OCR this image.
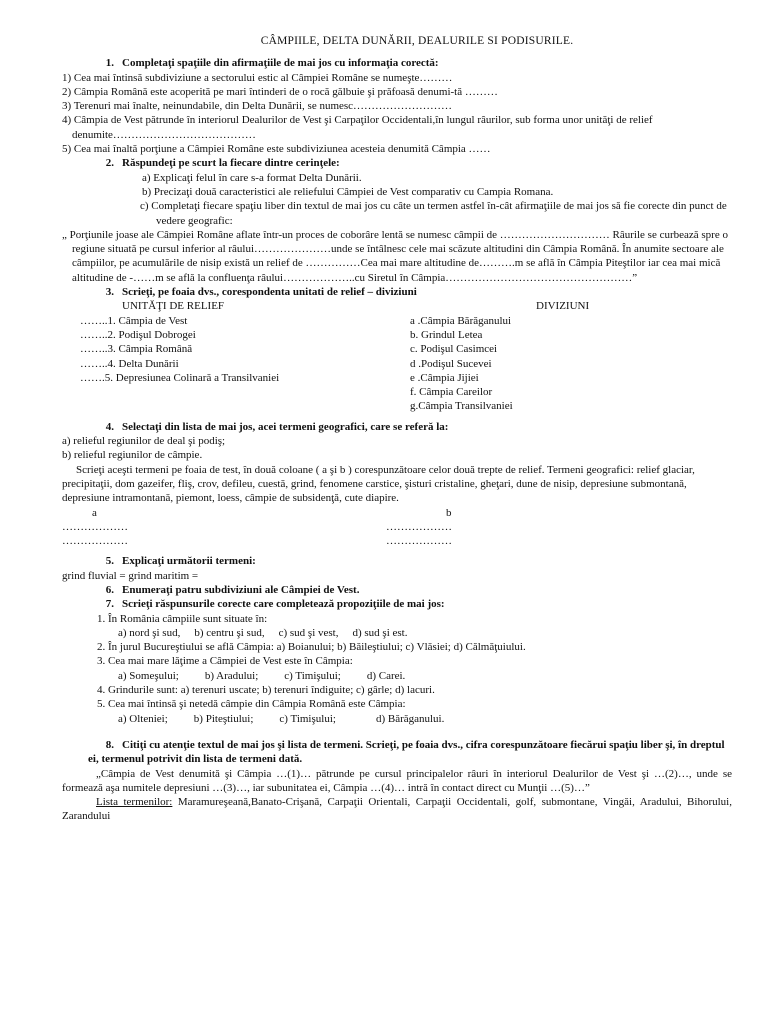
CÂMPIILE, DELTA DUNĂRII, DEALURILE SI PODISURILE.
1. Completaţi spaţiile din afirmaţiile de mai jos cu informaţia corectă:
1) Cea mai întinsă subdiviziune a sectorului estic al Câmpiei Române se numeşte………
2) Câmpia Română este acoperită pe mari întinderi de o rocă gălbuie şi prăfoasă denumi-tă ………
3) Terenuri mai înalte, neinundabile, din Delta Dunării, se numesc………………………
4) Câmpia de Vest pătrunde în interiorul Dealurilor de Vest şi Carpaţilor Occidentali,în lungul râurilor, sub forma unor unităţi de relief denumite…………………………………
5) Cea mai înaltă porţiune a Câmpiei Române este subdiviziunea acesteia denumită Câmpia ……
2. Răspundeţi pe scurt la fiecare dintre cerinţele:
a) Explicaţi felul în care s-a format Delta Dunării.
b) Precizaţi două caracteristici ale reliefului Câmpiei de Vest comparativ cu Campia Romana.
c) Completaţi fiecare spaţiu liber din textul de mai jos cu câte un termen astfel în-cât afirmaţiile de mai jos să fie corecte din punct de vedere geografic:
„ Porţiunile joase ale Câmpiei Române aflate într-un proces de coborâre lentă se numesc câmpii de ………………………… Râurile se curbează spre o regiune situată pe cursul inferior al râului…………………unde se întâlnesc cele mai scăzute altitudini din Câmpia Română. În anumite sectoare ale câmpiilor, pe acumulările de nisip există un relief de ……………Cea mai mare altitudine de……….m se află în Câmpia Piteştilor iar cea mai mică altitudine de -……m se află la confluenţa râului………………..cu Siretul în Câmpia……………………………………………”
3. Scrieţi, pe foaia dvs., corespondenta unitati de relief – diviziuni
UNITĂŢI DE RELIEF	DIVIZIUNI
……..1. Câmpia de Vest	a .Câmpia Bărăganului
……..2. Podişul Dobrogei	b. Grindul Letea
……..3. Câmpia Română	c. Podişul Casimcei
……..4. Delta Dunării	d .Podişul Sucevei
…….5. Depresiunea Colinară a Transilvaniei	e .Câmpia Jijiei
f. Câmpia Careilor
g.Câmpia Transilvaniei
4. Selectaţi din lista de mai jos, acei termeni geografici, care se referă la:
a) relieful regiunilor de deal şi podiş;
b) relieful regiunilor de câmpie.
Scrieţi aceşti termeni pe foaia de test, în două coloane ( a şi b ) corespunzătoare celor două trepte de relief. Termeni geografici: relief glaciar, precipitaţii, dom gazeifer, fliş, crov, defileu, cuestă, grind, fenomene carstice, şisturi cristaline, gheţari, dune de nisip, depresiune submontană, depresiune intramontană, piemont, loess, câmpie de subsidenţă, cute diapire.
a	b
………………	………………
………………	………………
5. Explicaţi următorii termeni:
grind fluvial = grind maritim =
6. Enumeraţi patru subdiviziuni ale Câmpiei de Vest.
7. Scrieţi răspunsurile corecte care completează propoziţiile de mai jos:
1. În România câmpiile sunt situate în:
a) nord şi sud, b) centru şi sud, c) sud şi vest, d) sud şi est.
2. În jurul Bucureştiului se află Câmpia: a) Boianului; b) Băileştiului; c) Vlăsiei; d) Călmăţuiului.
3. Cea mai mare lăţime a Câmpiei de Vest este în Câmpia:
a) Someşului; b) Aradului; c) Timişului; d) Carei.
4. Grindurile sunt: a) terenuri uscate; b) terenuri îndiguite; c) gârle; d) lacuri.
5. Cea mai întinsă şi netedă câmpie din Câmpia Română este Câmpia:
a) Olteniei; b) Piteştiului; c) Timişului;	d) Bărăganului.
8. Citiţi cu atenţie textul de mai jos şi lista de termeni. Scrieţi, pe foaia dvs., cifra corespunzătoare fiecărui spaţiu liber şi, în dreptul ei, termenul potrivit din lista de termeni dată.
„Câmpia de Vest denumită şi Câmpia …(1)… pătrunde pe cursul principalelor râuri în interiorul Dealurilor de Vest şi …(2)…, unde se formează aşa numitele depresiuni …(3)…, iar subunitatea ei, Câmpia …(4)… intră în contact direct cu Munţii …(5)…”
Lista termenilor: Maramureşeană,Banato-Crişană, Carpaţii Orientali, Carpaţii Occidentali, golf, submontane, Vingăi, Aradului, Bihorului, Zarandului
